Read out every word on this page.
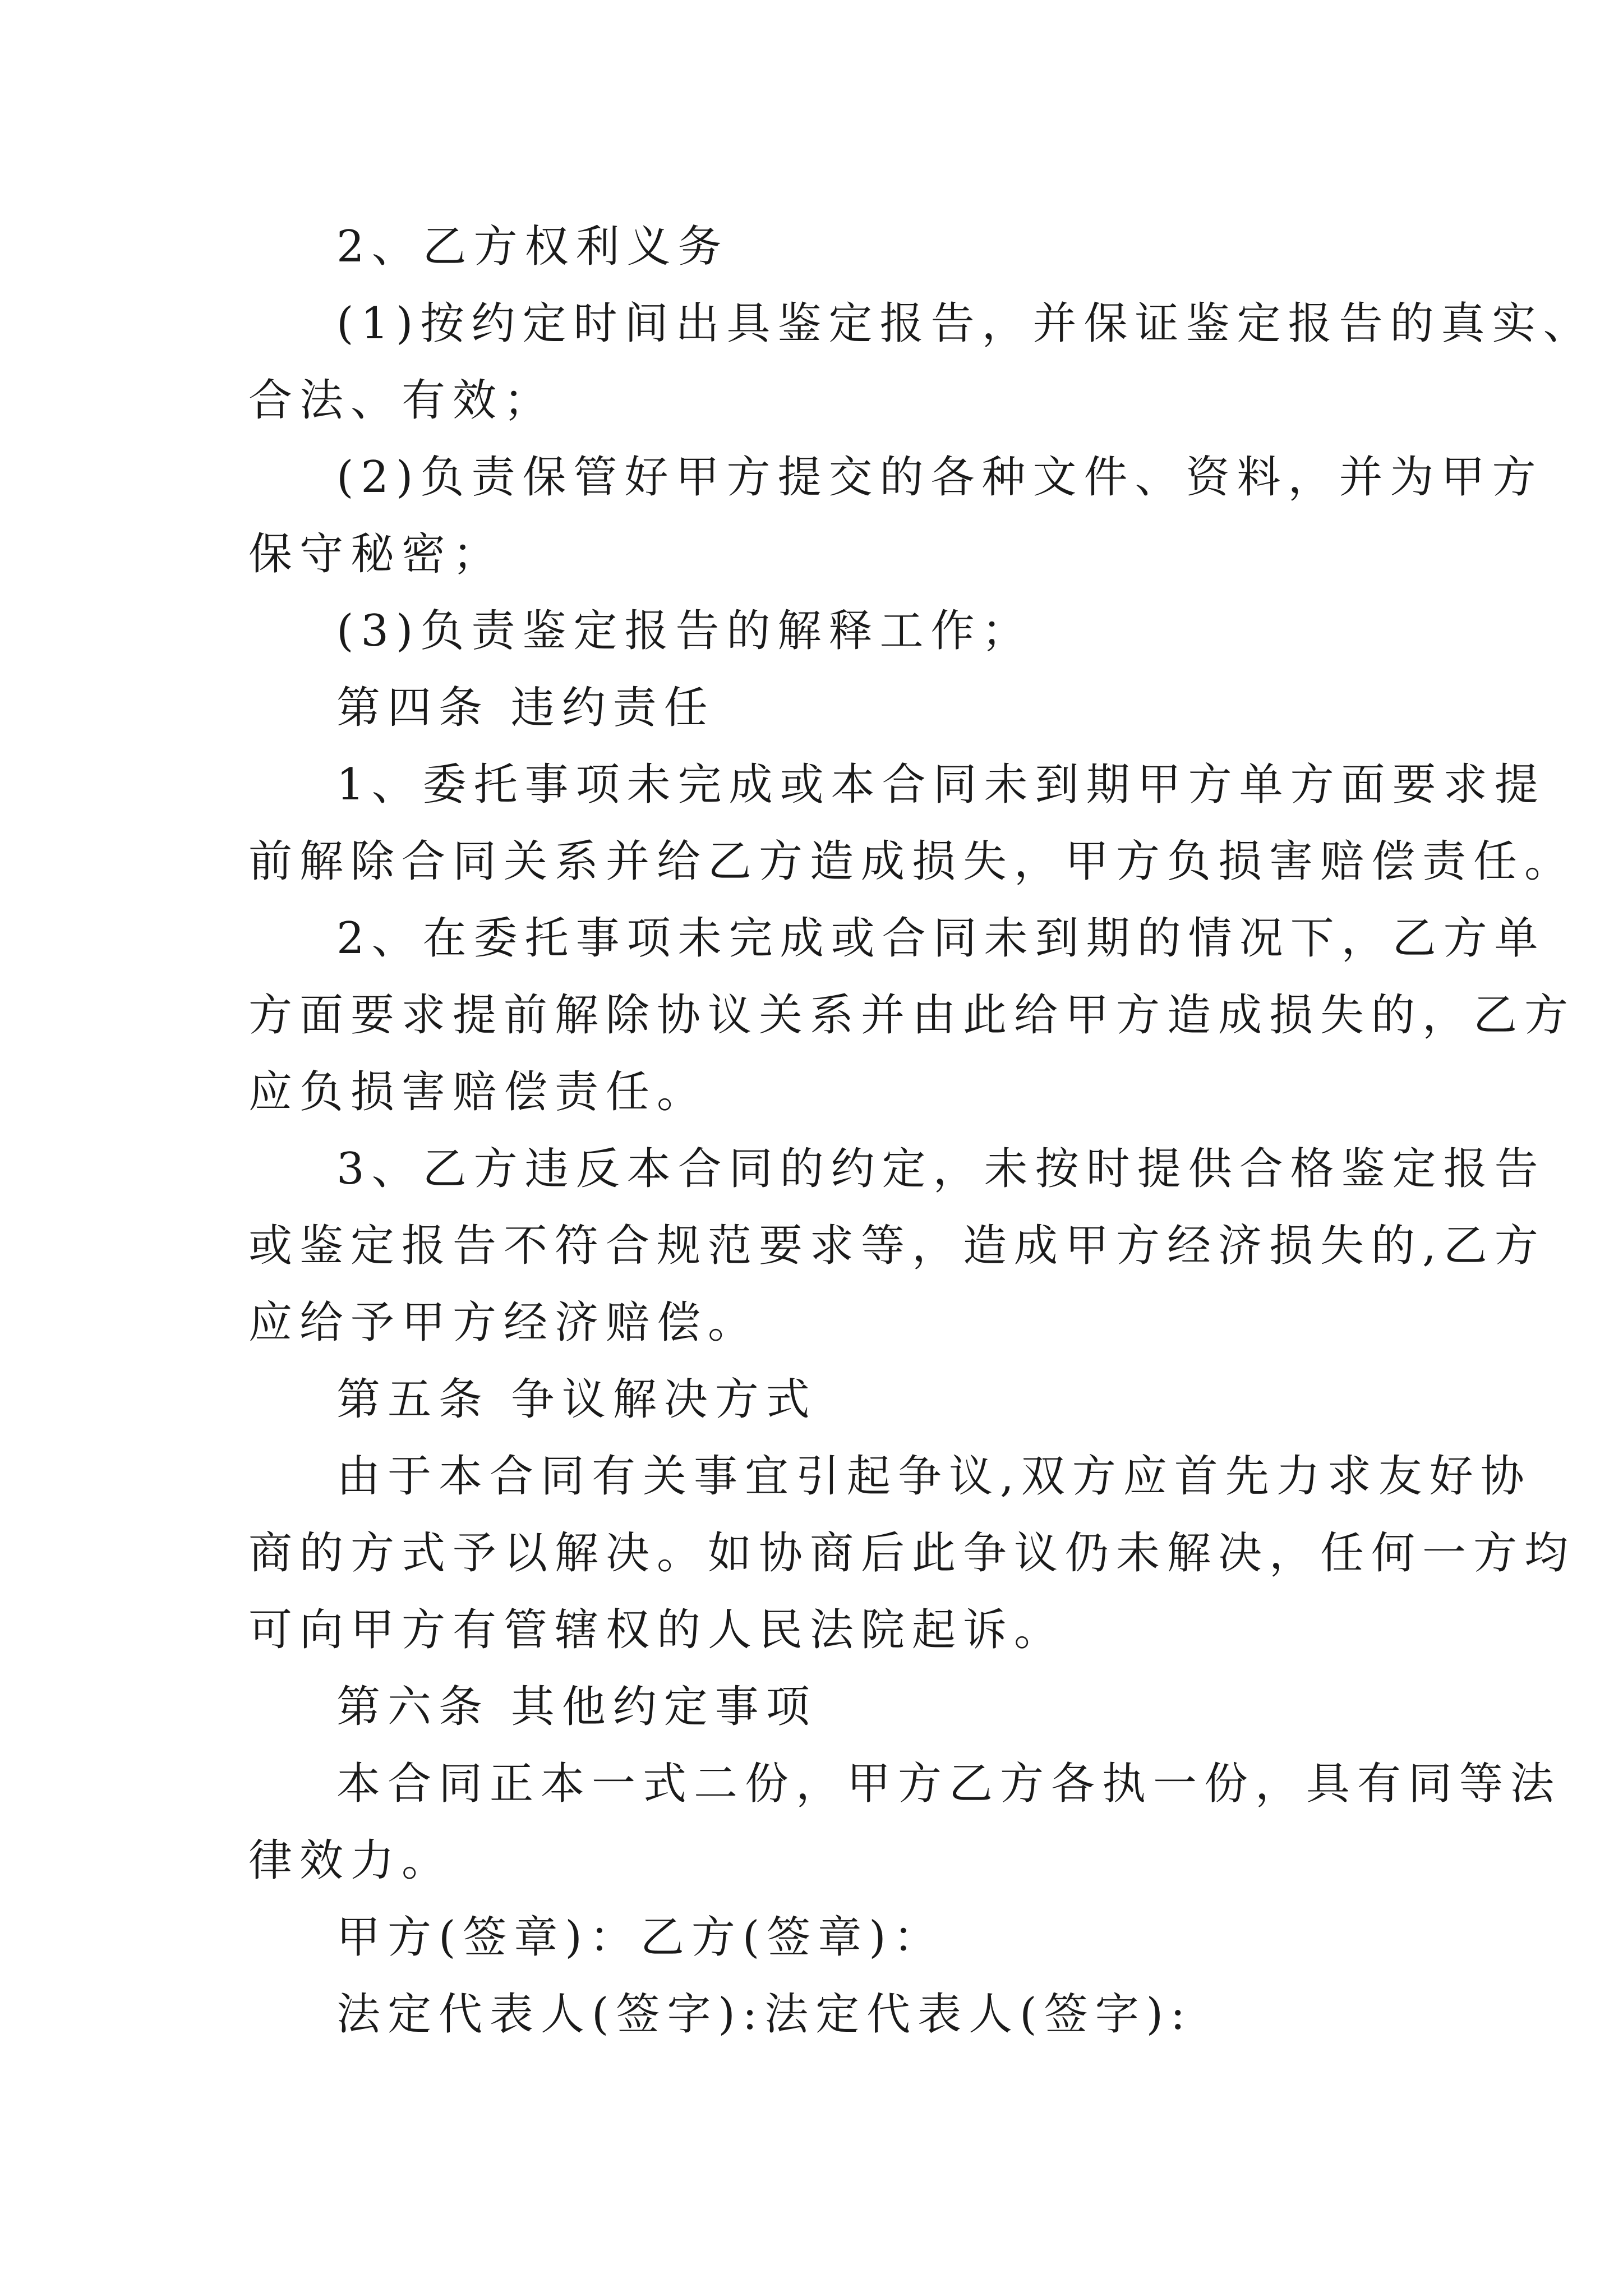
2、乙方权利义务

(1)按约定时间出具鉴定报告，并保证鉴定报告的真实、

合法、有效；

(2)负责保管好甲方提交的各种文件、资料，并为甲方

保守秘密；

(3)负责鉴定报告的解释工作；

第四条 违约责任

1、委托事项未完成或本合同未到期甲方单方面要求提

前解除合同关系并给乙方造成损失，甲方负损害赔偿责任。

2、在委托事项未完成或合同未到期的情况下，乙方单

方面要求提前解除协议关系并由此给甲方造成损失的，乙方

应负损害赔偿责任。

3、乙方违反本合同的约定，未按时提供合格鉴定报告

或鉴定报告不符合规范要求等，造成甲方经济损失的,乙方

应给予甲方经济赔偿。

第五条 争议解决方式

由于本合同有关事宜引起争议,双方应首先力求友好协

商的方式予以解决。如协商后此争议仍未解决，任何一方均

可向甲方有管辖权的人民法院起诉。

第六条 其他约定事项

本合同正本一式二份，甲方乙方各执一份，具有同等法

律效力。

甲方(签章)：乙方(签章)：

法定代表人(签字):法定代表人(签字):
